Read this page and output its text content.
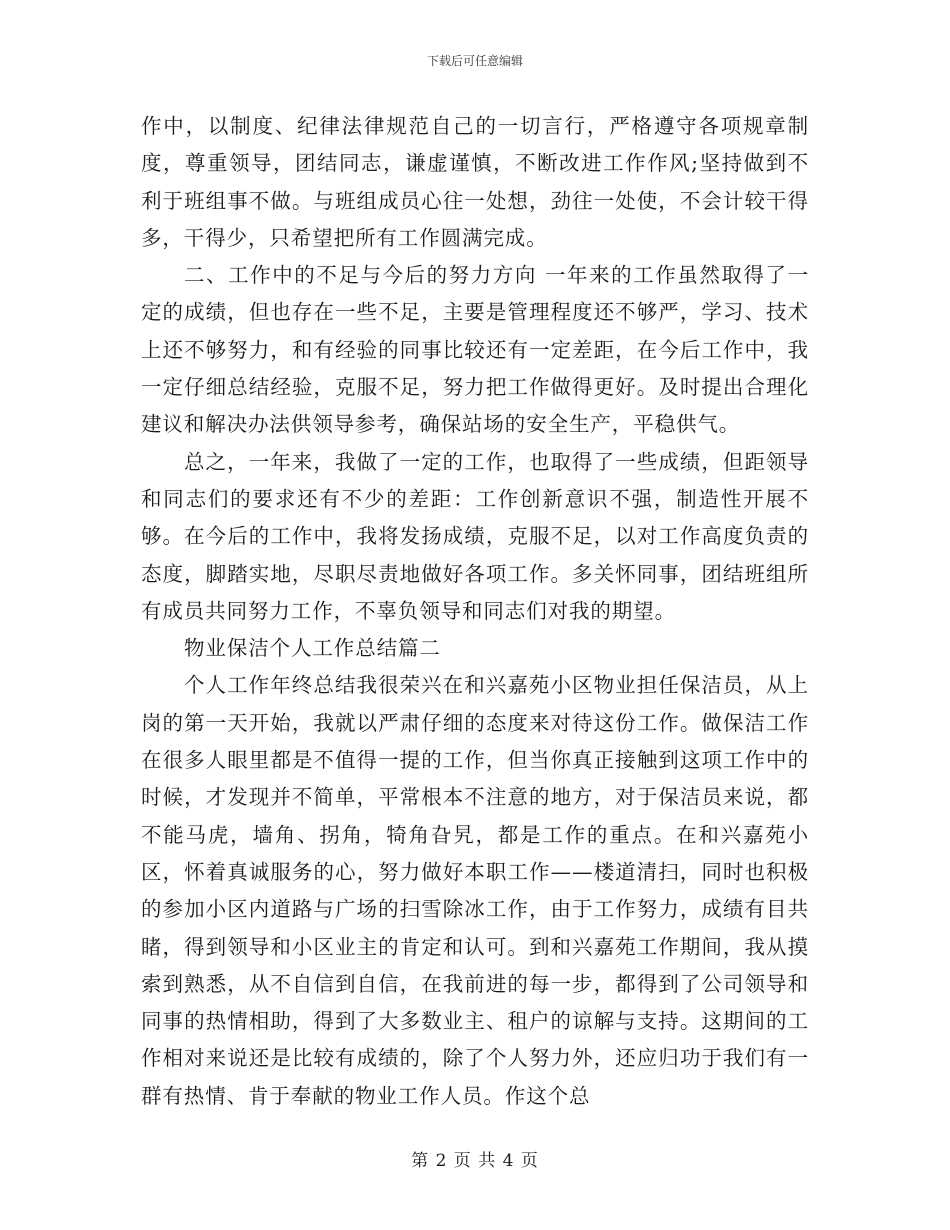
下载后可任意编辑

作中，以制度、纪律法律规范自己的一切言行，严格遵守各项规章制度，尊重领导，团结同志，谦虚谨慎，不断改进工作作风;坚持做到不利于班组事不做。与班组成员心往一处想，劲往一处使，不会计较干得多，干得少，只希望把所有工作圆满完成。

二、工作中的不足与今后的努力方向 一年来的工作虽然取得了一定的成绩，但也存在一些不足，主要是管理程度还不够严，学习、技术上还不够努力，和有经验的同事比较还有一定差距，在今后工作中，我一定仔细总结经验，克服不足，努力把工作做得更好。及时提出合理化建议和解决办法供领导参考，确保站场的安全生产，平稳供气。

总之，一年来，我做了一定的工作，也取得了一些成绩，但距领导和同志们的要求还有不少的差距：工作创新意识不强，制造性开展不够。在今后的工作中，我将发扬成绩，克服不足，以对工作高度负责的态度，脚踏实地，尽职尽责地做好各项工作。多关怀同事，团结班组所有成员共同努力工作，不辜负领导和同志们对我的期望。

物业保洁个人工作总结篇二

个人工作年终总结我很荣兴在和兴嘉苑小区物业担任保洁员，从上岗的第一天开始，我就以严肃仔细的态度来对待这份工作。做保洁工作在很多人眼里都是不值得一提的工作，但当你真正接触到这项工作中的时候，才发现并不简单，平常根本不注意的地方，对于保洁员来说，都不能马虎，墙角、拐角，犄角旮旯，都是工作的重点。在和兴嘉苑小区，怀着真诚服务的心，努力做好本职工作——楼道清扫，同时也积极的参加小区内道路与广场的扫雪除冰工作，由于工作努力，成绩有目共睹，得到领导和小区业主的肯定和认可。到和兴嘉苑工作期间，我从摸索到熟悉，从不自信到自信，在我前进的每一步，都得到了公司领导和同事的热情相助，得到了大多数业主、租户的谅解与支持。这期间的工作相对来说还是比较有成绩的，除了个人努力外，还应归功于我们有一群有热情、肯于奉献的物业工作人员。作这个总

第 2 页 共 4 页
